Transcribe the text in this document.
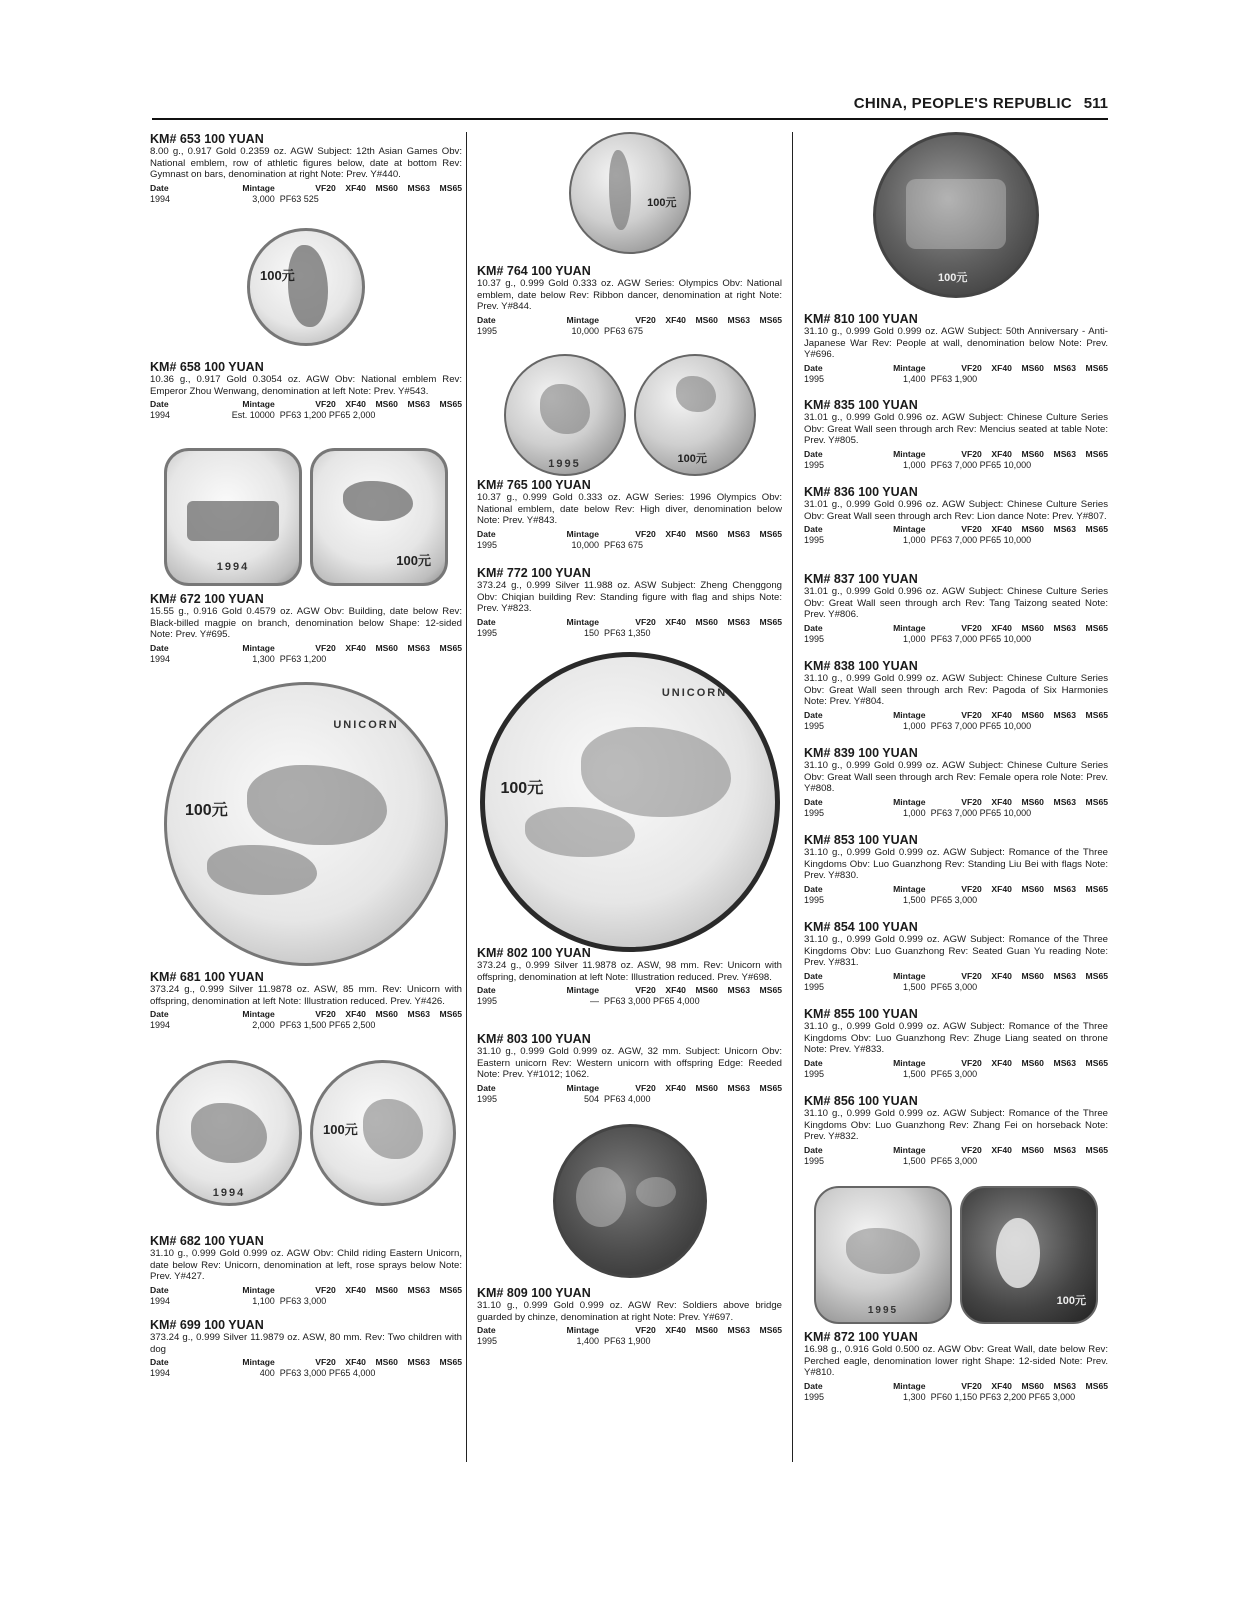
CHINA, PEOPLE'S REPUBLIC 511
KM# 653 100 YUAN
8.00 g., 0.917 Gold 0.2359 oz. AGW Subject: 12th Asian Games Obv: National emblem, row of athletic figures below, date at bottom Rev: Gymnast on bars, denomination at right Note: Prev. Y#440.
Date	Mintage	VF20 XF40 MS60 MS63 MS65
1994	3,000	PF63 525
100元
KM# 658 100 YUAN
10.36 g., 0.917 Gold 0.3054 oz. AGW Obv: National emblem Rev: Emperor Zhou Wenwang, denomination at left Note: Prev. Y#543.
Date	Mintage	VF20 XF40 MS60 MS63 MS65
1994	Est. 10000	PF63 1,200 PF65 2,000
1994	100元
KM# 672 100 YUAN
15.55 g., 0.916 Gold 0.4579 oz. AGW Obv: Building, date below Rev: Black-billed magpie on branch, denomination below Shape: 12-sided Note: Prev. Y#695.
Date	Mintage	VF20 XF40 MS60 MS63 MS65
1994	1,300	PF63 1,200
UNICORN
100元
KM# 681 100 YUAN
373.24 g., 0.999 Silver 11.9878 oz. ASW, 85 mm. Rev: Unicorn with offspring, denomination at left Note: Illustration reduced. Prev. Y#426.
Date	Mintage	VF20 XF40 MS60 MS63 MS65
1994	2,000	PF63 1,500 PF65 2,500
1994
100元
KM# 682 100 YUAN
31.10 g., 0.999 Gold 0.999 oz. AGW Obv: Child riding Eastern Unicorn, date below Rev: Unicorn, denomination at left, rose sprays below Note: Prev. Y#427.
Date	Mintage	VF20 XF40 MS60 MS63 MS65
1994	1,100	PF63 3,000
KM# 699 100 YUAN
373.24 g., 0.999 Silver 11.9879 oz. ASW, 80 mm. Rev: Two children with dog
Date	Mintage	VF20 XF40 MS60 MS63 MS65
1994	400	PF63 3,000 PF65 4,000
100元
KM# 764 100 YUAN
10.37 g., 0.999 Gold 0.333 oz. AGW Series: Olympics Obv: National emblem, date below Rev: Ribbon dancer, denomination at right Note: Prev. Y#844.
Date	Mintage	VF20 XF40 MS60 MS63 MS65
1995	10,000	PF63 675
1995	100元
KM# 765 100 YUAN
10.37 g., 0.999 Gold 0.333 oz. AGW Series: 1996 Olympics Obv: National emblem, date below Rev: High diver, denomination below Note: Prev. Y#843.
Date	Mintage	VF20 XF40 MS60 MS63 MS65
1995	10,000	PF63 675
KM# 772 100 YUAN
373.24 g., 0.999 Silver 11.988 oz. ASW Subject: Zheng Chenggong Obv: Chiqian building Rev: Standing figure with flag and ships Note: Prev. Y#823.
Date	Mintage	VF20 XF40 MS60 MS63 MS65
1995	150	PF63 1,350
UNICORN
100元
KM# 802 100 YUAN
373.24 g., 0.999 Silver 11.9878 oz. ASW, 98 mm. Rev: Unicorn with offspring, denomination at left Note: Illustration reduced. Prev. Y#698.
Date	Mintage	VF20 XF40 MS60 MS63 MS65
1995	—	PF63 3,000 PF65 4,000
KM# 803 100 YUAN
31.10 g., 0.999 Gold 0.999 oz. AGW, 32 mm. Subject: Unicorn Obv: Eastern unicorn Rev: Western unicorn with offspring Edge: Reeded Note: Prev. Y#1012; 1062.
Date	Mintage	VF20 XF40 MS60 MS63 MS65
1995	504	PF63 4,000
KM# 809 100 YUAN
31.10 g., 0.999 Gold 0.999 oz. AGW Rev: Soldiers above bridge guarded by chinze, denomination at right Note: Prev. Y#697.
Date	Mintage	VF20 XF40 MS60 MS63 MS65
1995	1,400	PF63 1,900
100元
KM# 810 100 YUAN
31.10 g., 0.999 Gold 0.999 oz. AGW Subject: 50th Anniversary - Anti-Japanese War Rev: People at wall, denomination below Note: Prev. Y#696.
Date	Mintage	VF20 XF40 MS60 MS63 MS65
1995	1,400	PF63 1,900
KM# 835 100 YUAN
31.01 g., 0.999 Gold 0.996 oz. AGW Subject: Chinese Culture Series Obv: Great Wall seen through arch Rev: Mencius seated at table Note: Prev. Y#805.
Date	Mintage	VF20 XF40 MS60 MS63 MS65
1995	1,000	PF63 7,000 PF65 10,000
KM# 836 100 YUAN
31.01 g., 0.999 Gold 0.996 oz. AGW Subject: Chinese Culture Series Obv: Great Wall seen through arch Rev: Lion dance Note: Prev. Y#807.
Date	Mintage	VF20 XF40 MS60 MS63 MS65
1995	1,000	PF63 7,000 PF65 10,000
KM# 837 100 YUAN
31.01 g., 0.999 Gold 0.996 oz. AGW Subject: Chinese Culture Series Obv: Great Wall seen through arch Rev: Tang Taizong seated Note: Prev. Y#806.
Date	Mintage	VF20 XF40 MS60 MS63 MS65
1995	1,000	PF63 7,000 PF65 10,000
KM# 838 100 YUAN
31.10 g., 0.999 Gold 0.999 oz. AGW Subject: Chinese Culture Series Obv: Great Wall seen through arch Rev: Pagoda of Six Harmonies Note: Prev. Y#804.
Date	Mintage	VF20 XF40 MS60 MS63 MS65
1995	1,000	PF63 7,000 PF65 10,000
KM# 839 100 YUAN
31.10 g., 0.999 Gold 0.999 oz. AGW Subject: Chinese Culture Series Obv: Great Wall seen through arch Rev: Female opera role Note: Prev. Y#808.
Date	Mintage	VF20 XF40 MS60 MS63 MS65
1995	1,000	PF63 7,000 PF65 10,000
KM# 853 100 YUAN
31.10 g., 0.999 Gold 0.999 oz. AGW Subject: Romance of the Three Kingdoms Obv: Luo Guanzhong Rev: Standing Liu Bei with flags Note: Prev. Y#830.
Date	Mintage	VF20 XF40 MS60 MS63 MS65
1995	1,500	PF65 3,000
KM# 854 100 YUAN
31.10 g., 0.999 Gold 0.999 oz. AGW Subject: Romance of the Three Kingdoms Obv: Luo Guanzhong Rev: Seated Guan Yu reading Note: Prev. Y#831.
Date	Mintage	VF20 XF40 MS60 MS63 MS65
1995	1,500	PF65 3,000
KM# 855 100 YUAN
31.10 g., 0.999 Gold 0.999 oz. AGW Subject: Romance of the Three Kingdoms Obv: Luo Guanzhong Rev: Zhuge Liang seated on throne Note: Prev. Y#833.
Date	Mintage	VF20 XF40 MS60 MS63 MS65
1995	1,500	PF65 3,000
KM# 856 100 YUAN
31.10 g., 0.999 Gold 0.999 oz. AGW Subject: Romance of the Three Kingdoms Obv: Luo Guanzhong Rev: Zhang Fei on horseback Note: Prev. Y#832.
Date	Mintage	VF20 XF40 MS60 MS63 MS65
1995	1,500	PF65 3,000
1995
100元
KM# 872 100 YUAN
16.98 g., 0.916 Gold 0.500 oz. AGW Obv: Great Wall, date below Rev: Perched eagle, denomination lower right Shape: 12-sided Note: Prev. Y#810.
Date	Mintage	VF20 XF40 MS60 MS63 MS65
1995	1,300	PF60 1,150 PF63 2,200 PF65 3,000
